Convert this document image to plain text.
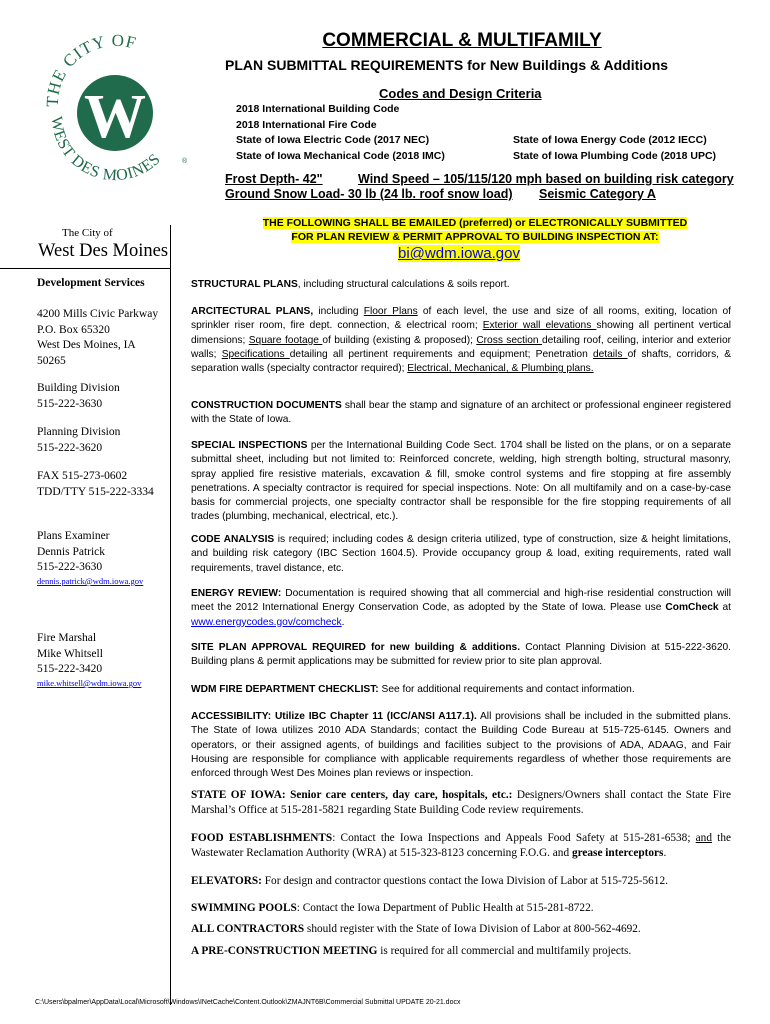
THE CITY OF
WEST DES MOINES
W
®
COMMERCIAL & MULTIFAMILY
PLAN SUBMITTAL REQUIREMENTS for New Buildings & Additions
Codes and Design Criteria
2018 International Building Code
2018 International Fire Code
State of Iowa Electric Code (2017 NEC)
State of Iowa Mechanical Code (2018 IMC)
State of Iowa Energy Code (2012 IECC)
State of Iowa Plumbing Code (2018 UPC)
Frost Depth- 42"	Wind Speed – 105/115/120 mph based on building risk category
Ground Snow Load- 30 lb (24 lb. roof snow load) Seismic Category A
THE FOLLOWING SHALL BE EMAILED (preferred) or ELECTRONICALLY SUBMITTED
FOR PLAN REVIEW & PERMIT APPROVAL TO BUILDING INSPECTION AT:
bi@wdm.iowa.gov
The City of
West Des Moines
Development Services
4200 Mills Civic Parkway
P.O. Box 65320
West Des Moines, IA
50265
Building Division
515-222-3630
Planning Division
515-222-3620
FAX 515-273-0602
TDD/TTY 515-222-3334
Plans Examiner
Dennis Patrick
515-222-3630
dennis.patrick@wdm.iowa.gov
Fire Marshal
Mike Whitsell
515-222-3420
mike.whitsell@wdm.iowa.gov
STRUCTURAL PLANS, including structural calculations & soils report.
ARCITECTURAL PLANS, including Floor Plans of each level, the use and size of all rooms, exiting, location of sprinkler riser room, fire dept. connection, & electrical room; Exterior wall elevations showing all pertinent vertical dimensions; Square footage of building (existing & proposed); Cross section detailing roof, ceiling, interior and exterior walls; Specifications detailing all pertinent requirements and equipment; Penetration details of shafts, corridors, & separation walls (specialty contractor required); Electrical, Mechanical, & Plumbing plans.
CONSTRUCTION DOCUMENTS shall bear the stamp and signature of an architect or professional engineer registered with the State of Iowa.
SPECIAL INSPECTIONS per the International Building Code Sect. 1704 shall be listed on the plans, or on a separate submittal sheet, including but not limited to: Reinforced concrete, welding, high strength bolting, structural masonry, spray applied fire resistive materials, excavation & fill, smoke control systems and fire stopping at fire assembly penetrations. A specialty contractor is required for special inspections. Note: On all multifamily and on a case-by-case basis for commercial projects, one specialty contractor shall be responsible for the fire stopping requirements of all trades (plumbing, mechanical, electrical, etc.).
CODE ANALYSIS is required; including codes & design criteria utilized, type of construction, size & height limitations, and building risk category (IBC Section 1604.5). Provide occupancy group & load, exiting requirements, rated wall requirements, travel distance, etc.
ENERGY REVIEW: Documentation is required showing that all commercial and high-rise residential construction will meet the 2012 International Energy Conservation Code, as adopted by the State of Iowa. Please use ComCheck at www.energycodes.gov/comcheck.
SITE PLAN APPROVAL REQUIRED for new building & additions. Contact Planning Division at 515-222-3620. Building plans & permit applications may be submitted for review prior to site plan approval.
WDM FIRE DEPARTMENT CHECKLIST: See for additional requirements and contact information.
ACCESSIBILITY: Utilize IBC Chapter 11 (ICC/ANSI A117.1). All provisions shall be included in the submitted plans. The State of Iowa utilizes 2010 ADA Standards; contact the Building Code Bureau at 515-725-6145. Owners and operators, or their assigned agents, of buildings and facilities subject to the provisions of ADA, ADAAG, and Fair Housing are responsible for compliance with applicable requirements regardless of whether those requirements are enforced through West Des Moines plan reviews or inspection.
STATE OF IOWA: Senior care centers, day care, hospitals, etc.: Designers/Owners shall contact the State Fire Marshal’s Office at 515-281-5821 regarding State Building Code review requirements.
FOOD ESTABLISHMENTS: Contact the Iowa Inspections and Appeals Food Safety at 515-281-6538; and the Wastewater Reclamation Authority (WRA) at 515-323-8123 concerning F.O.G. and grease interceptors.
ELEVATORS: For design and contractor questions contact the Iowa Division of Labor at 515-725-5612.
SWIMMING POOLS: Contact the Iowa Department of Public Health at 515-281-8722.
ALL CONTRACTORS should register with the State of Iowa Division of Labor at 800-562-4692.
A PRE-CONSTRUCTION MEETING is required for all commercial and multifamily projects.
C:\Users\bpalmer\AppData\Local\Microsoft\Windows\INetCache\Content.Outlook\ZMAJNT6B\Commercial Submittal UPDATE 20-21.docx
